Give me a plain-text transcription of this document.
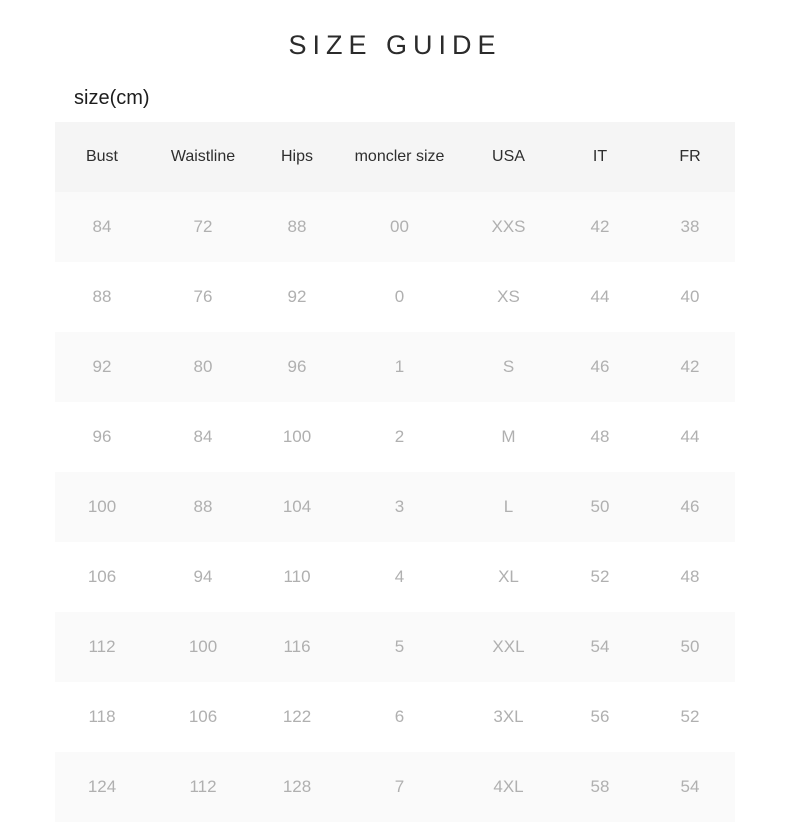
SIZE GUIDE
size(cm)
Bust	Waistline	Hips	moncler size	USA	IT	FR
84	72	88	00	XXS	42	38
88	76	92	0	XS	44	40
92	80	96	1	S	46	42
96	84	100	2	M	48	44
100	88	104	3	L	50	46
106	94	110	4	XL	52	48
112	100	116	5	XXL	54	50
118	106	122	6	3XL	56	52
124	112	128	7	4XL	58	54
